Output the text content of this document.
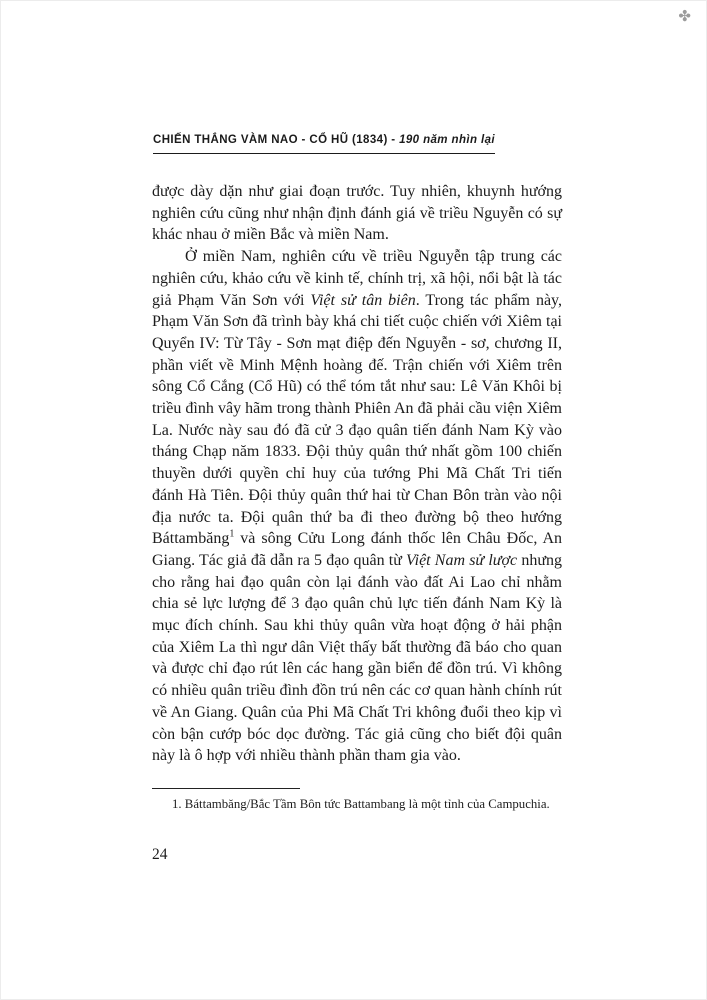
✤
CHIẾN THẮNG VÀM NAO - CỔ HŨ (1834) - 190 năm nhìn lại

được dày dặn như giai đoạn trước. Tuy nhiên, khuynh hướng nghiên cứu cũng như nhận định đánh giá về triều Nguyễn có sự khác nhau ở miền Bắc và miền Nam.

Ở miền Nam, nghiên cứu về triều Nguyễn tập trung các nghiên cứu, khảo cứu về kinh tế, chính trị, xã hội, nổi bật là tác giả Phạm Văn Sơn với Việt sử tân biên. Trong tác phẩm này, Phạm Văn Sơn đã trình bày khá chi tiết cuộc chiến với Xiêm tại Quyển IV: Từ Tây - Sơn mạt điệp đến Nguyễn - sơ, chương II, phần viết về Minh Mệnh hoàng đế. Trận chiến với Xiêm trên sông Cổ Cắng (Cổ Hũ) có thể tóm tắt như sau: Lê Văn Khôi bị triều đình vây hãm trong thành Phiên An đã phải cầu viện Xiêm La. Nước này sau đó đã cử 3 đạo quân tiến đánh Nam Kỳ vào tháng Chạp năm 1833. Đội thủy quân thứ nhất gồm 100 chiến thuyền dưới quyền chỉ huy của tướng Phi Mã Chất Tri tiến đánh Hà Tiên. Đội thủy quân thứ hai từ Chan Bôn tràn vào nội địa nước ta. Đội quân thứ ba đi theo đường bộ theo hướng Báttambăng$^1$ và sông Cửu Long đánh thốc lên Châu Đốc, An Giang. Tác giả đã dẫn ra 5 đạo quân từ Việt Nam sử lược nhưng cho rằng hai đạo quân còn lại đánh vào đất Ai Lao chỉ nhằm chia sẻ lực lượng để 3 đạo quân chủ lực tiến đánh Nam Kỳ là mục đích chính. Sau khi thủy quân vừa hoạt động ở hải phận của Xiêm La thì ngư dân Việt thấy bất thường đã báo cho quan và được chỉ đạo rút lên các hang gần biển để đồn trú. Vì không có nhiều quân triều đình đồn trú nên các cơ quan hành chính rút về An Giang. Quân của Phi Mã Chất Tri không đuổi theo kịp vì còn bận cướp bóc dọc đường. Tác giả cũng cho biết đội quân này là ô hợp với nhiều thành phần tham gia vào.

1. Báttambăng/Bắc Tầm Bôn tức Battambang là một tỉnh của Campuchia.
24
